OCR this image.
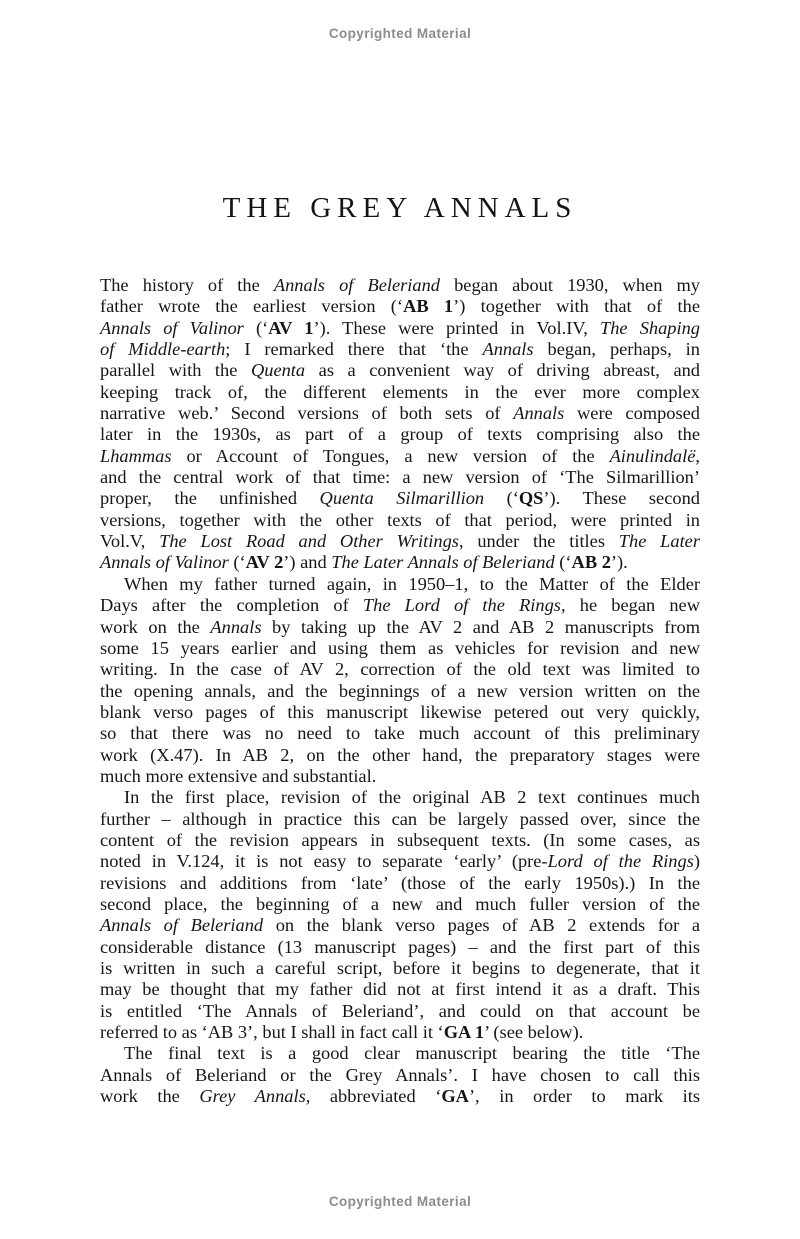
Copyrighted Material
THE GREY ANNALS
The history of the Annals of Beleriand began about 1930, when my
father wrote the earliest version (‘AB 1’) together with that of the
Annals of Valinor (‘AV 1’). These were printed in Vol.IV, The Shaping
of Middle-earth; I remarked there that ‘the Annals began, perhaps, in
parallel with the Quenta as a convenient way of driving abreast, and
keeping track of, the different elements in the ever more complex
narrative web.’ Second versions of both sets of Annals were composed
later in the 1930s, as part of a group of texts comprising also the
Lhammas or Account of Tongues, a new version of the Ainulindalë,
and the central work of that time: a new version of ‘The Silmarillion’
proper, the unfinished Quenta Silmarillion (‘QS’). These second
versions, together with the other texts of that period, were printed in
Vol.V, The Lost Road and Other Writings, under the titles The Later
Annals of Valinor (‘AV 2’) and The Later Annals of Beleriand (‘AB 2’).
When my father turned again, in 1950–1, to the Matter of the Elder
Days after the completion of The Lord of the Rings, he began new
work on the Annals by taking up the AV 2 and AB 2 manuscripts from
some 15 years earlier and using them as vehicles for revision and new
writing. In the case of AV 2, correction of the old text was limited to
the opening annals, and the beginnings of a new version written on the
blank verso pages of this manuscript likewise petered out very quickly,
so that there was no need to take much account of this preliminary
work (X.47). In AB 2, on the other hand, the preparatory stages were
much more extensive and substantial.
In the first place, revision of the original AB 2 text continues much
further – although in practice this can be largely passed over, since the
content of the revision appears in subsequent texts. (In some cases, as
noted in V.124, it is not easy to separate ‘early’ (pre-Lord of the Rings)
revisions and additions from ‘late’ (those of the early 1950s).) In the
second place, the beginning of a new and much fuller version of the
Annals of Beleriand on the blank verso pages of AB 2 extends for a
considerable distance (13 manuscript pages) – and the first part of this
is written in such a careful script, before it begins to degenerate, that it
may be thought that my father did not at first intend it as a draft. This
is entitled ‘The Annals of Beleriand’, and could on that account be
referred to as ‘AB 3’, but I shall in fact call it ‘GA 1’ (see below).
The final text is a good clear manuscript bearing the title ‘The
Annals of Beleriand or the Grey Annals’. I have chosen to call this
work the Grey Annals, abbreviated ‘GA’, in order to mark its
Copyrighted Material
